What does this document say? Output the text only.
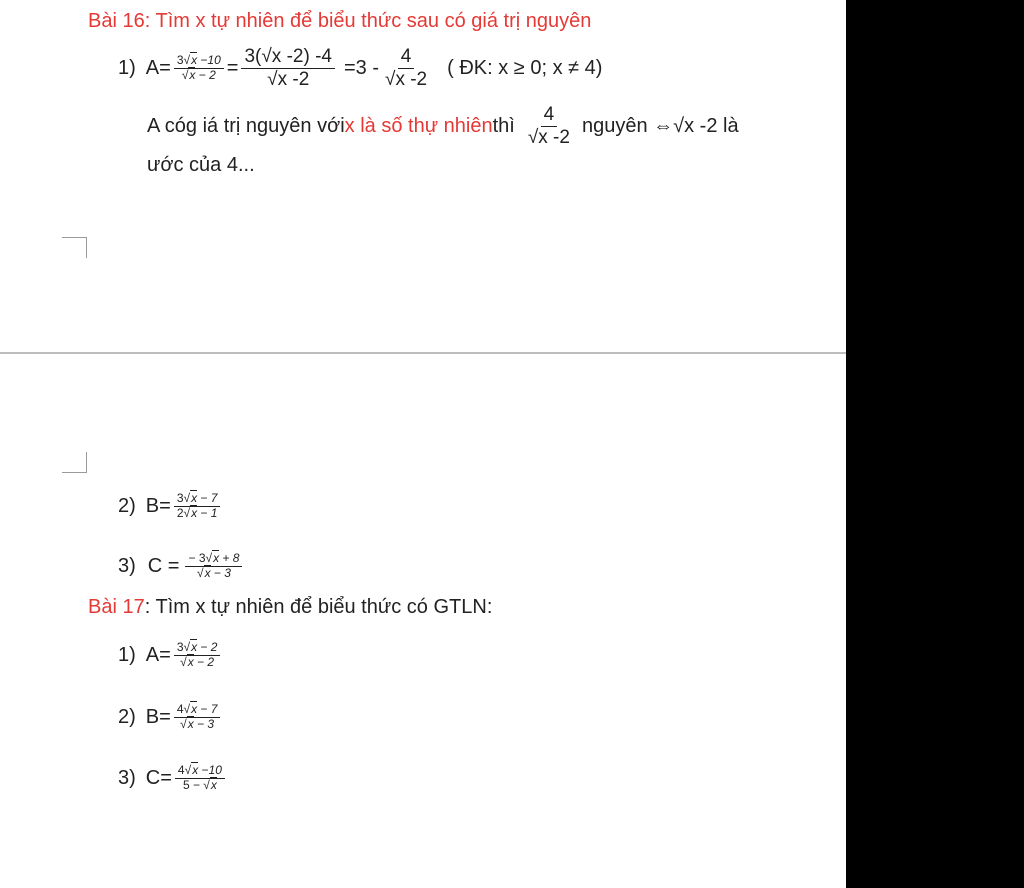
Bài 16 : Tìm x tự nhiên để biểu thức sau có giá trị nguyên
1) $A= \frac{3√x -10}{√x - 2} = \frac{3(√x -2) -4}{√x -2} =3 - \frac{4}{√x -2}$ ( ĐK: x ≥ 0; x ≠ 4)
A cóg iá trị nguyên với x là số thự nhiên thì $\frac{4}{√x -2}$ nguyên ⇔√x -2 là
ước của 4...
2) $B= \frac{3√x - 7}{2√x - 1}$
3) $C = \frac{- 3√x + 8}{√x - 3}$
Bài 17 : Tìm x tự nhiên để biểu thức có GTLN:
1) $A= \frac{3√x - 2}{√x - 2}$
2) $B= \frac{4√x - 7}{√x - 3}$
3) $C= \frac{4√x -10}{5 - √x}$
